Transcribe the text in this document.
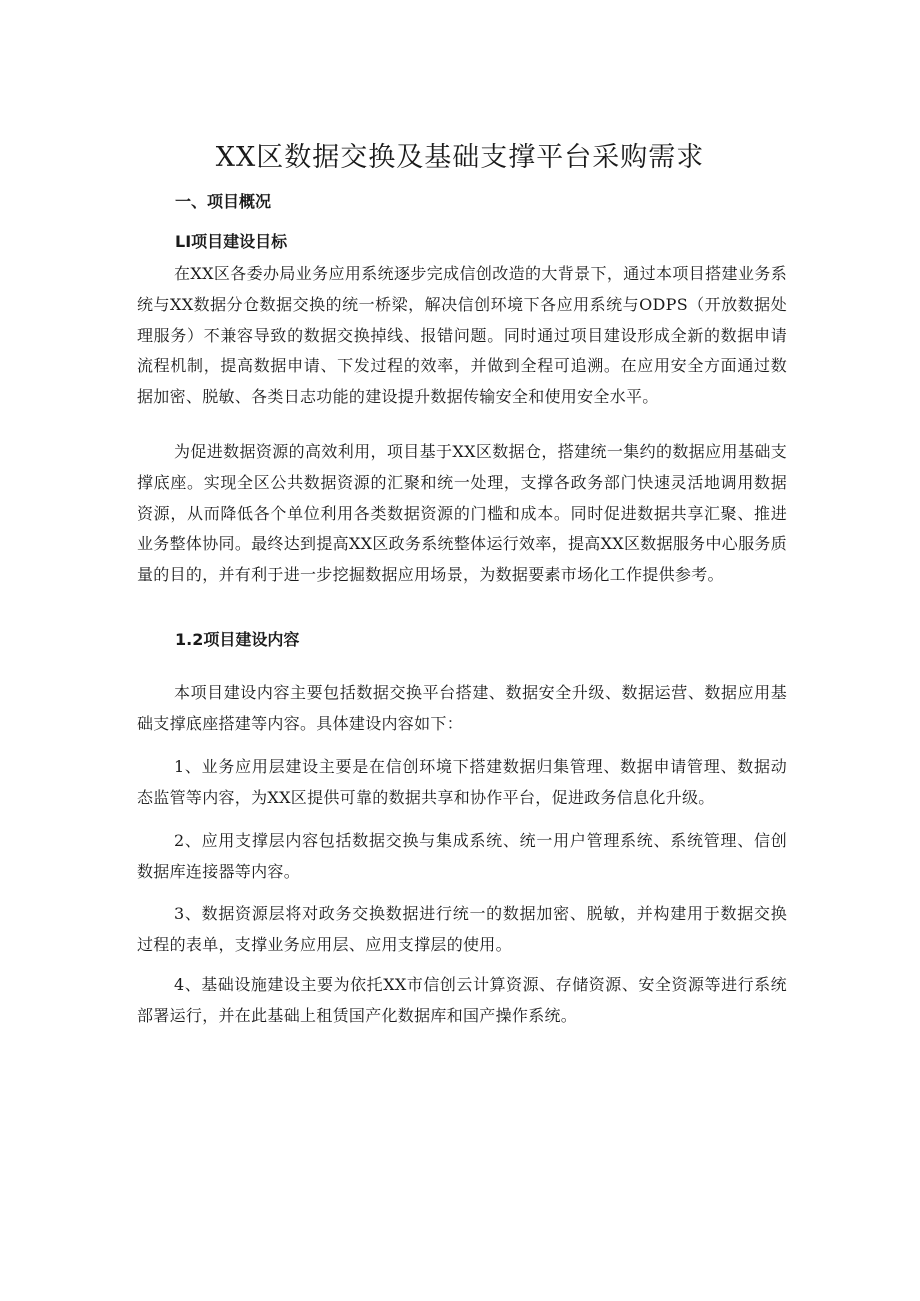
XX区数据交换及基础支撑平台采购需求
一、项目概况
LI项目建设目标

在XX区各委办局业务应用系统逐步完成信创改造的大背景下，通过本项目搭建业务系统与XX数据分仓数据交换的统一桥梁，解决信创环境下各应用系统与ODPS（开放数据处理服务）不兼容导致的数据交换掉线、报错问题。同时通过项目建设形成全新的数据申请流程机制，提高数据申请、下发过程的效率，并做到全程可追溯。在应用安全方面通过数据加密、脱敏、各类日志功能的建设提升数据传输安全和使用安全水平。

为促进数据资源的高效利用，项目基于XX区数据仓，搭建统一集约的数据应用基础支撑底座。实现全区公共数据资源的汇聚和统一处理，支撑各政务部门快速灵活地调用数据资源，从而降低各个单位利用各类数据资源的门槛和成本。同时促进数据共享汇聚、推进业务整体协同。最终达到提高XX区政务系统整体运行效率，提高XX区数据服务中心服务质量的目的，并有利于进一步挖掘数据应用场景，为数据要素市场化工作提供参考。

1.2项目建设内容

本项目建设内容主要包括数据交换平台搭建、数据安全升级、数据运营、数据应用基础支撑底座搭建等内容。具体建设内容如下：

1、业务应用层建设主要是在信创环境下搭建数据归集管理、数据申请管理、数据动态监管等内容，为XX区提供可靠的数据共享和协作平台，促进政务信息化升级。

2、应用支撑层内容包括数据交换与集成系统、统一用户管理系统、系统管理、信创数据库连接器等内容。

3、数据资源层将对政务交换数据进行统一的数据加密、脱敏，并构建用于数据交换过程的表单，支撑业务应用层、应用支撑层的使用。

4、基础设施建设主要为依托XX市信创云计算资源、存储资源、安全资源等进行系统部署运行，并在此基础上租赁国产化数据库和国产操作系统。
